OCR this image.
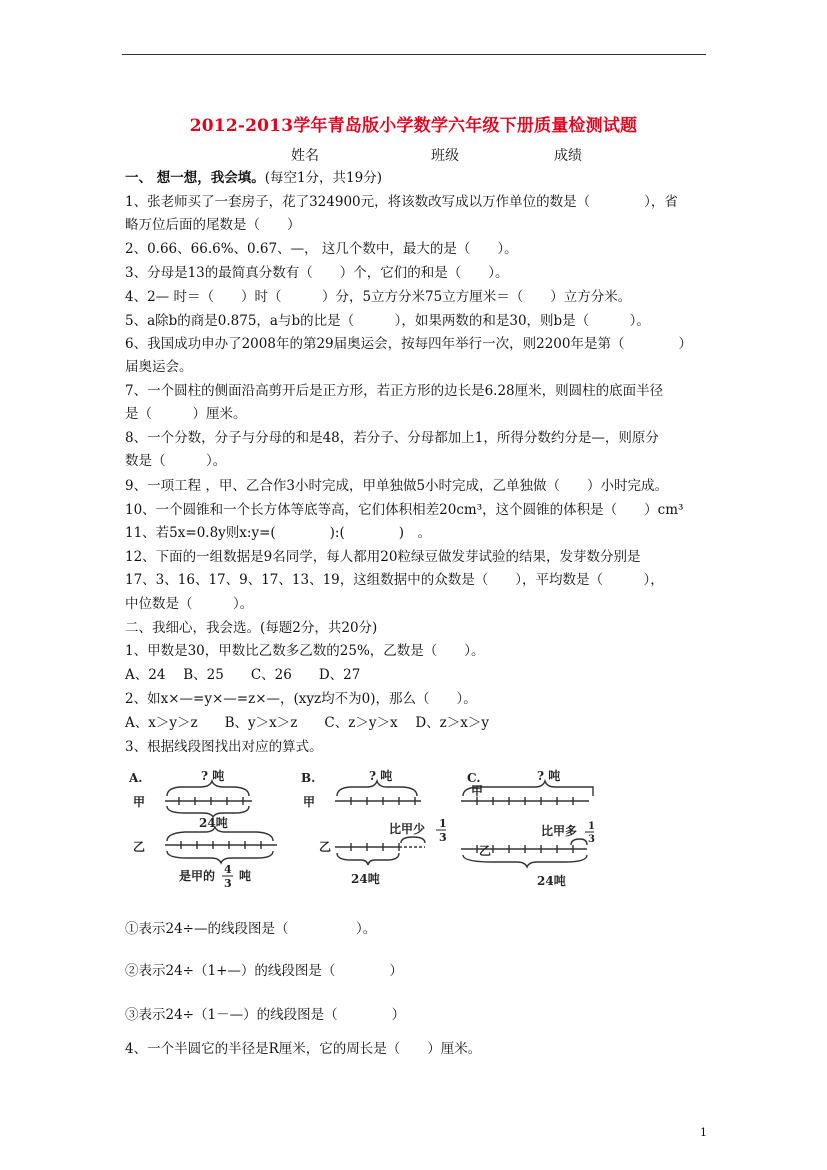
2012-2013学年青岛版小学数学六年级下册质量检测试题
姓名	班级	成绩
一、 想一想，我会填。(每空1分，共19分)
1、张老师买了一套房子，花了324900元，将该数改写成以万作单位的数是（　　　　），省
略万位后面的尾数是（　　）
2、0.66、66.6%、0.67、—， 这几个数中，最大的是（　　）。
3、分母是13的最简真分数有（　　）个，它们的和是（　　）。
4、2— 时＝（　　）时（　　　）分，5立方分米75立方厘米＝（　　）立方分米。
5、a除b的商是0.875，a与b的比是（　　　），如果两数的和是30，则b是（　　　）。
6、我国成功申办了2008年的第29届奥运会，按每四年举行一次，则2200年是第（　　　　）
届奥运会。
7、一个圆柱的侧面沿高剪开后是正方形，若正方形的边长是6.28厘米，则圆柱的底面半径
是（　　　）厘米。
8、一个分数，分子与分母的和是48，若分子、分母都加上1，所得分数约分是—，则原分
数是（　　　）。
9、一项工程 ，甲、乙合作3小时完成，甲单独做5小时完成，乙单独做（　　）小时完成。
10、一个圆锥和一个长方体等底等高，它们体积相差20cm³，这个圆锥的体积是（　　）cm³
11、若5x=0.8y则x:y=(　　　　):(　　　　)　。
12、下面的一组数据是9名同学，每人都用20粒绿豆做发芽试验的结果，发芽数分别是
17、3、16、17、9、17、13、19，这组数据中的众数是（　　），平均数是（　　　），
中位数是（　　　）。
二、我细心，我会选。(每题2分，共20分)
1、甲数是30，甲数比乙数多乙数的25%，乙数是（　　）。
A、24　 B、25　　C、26　　D、27
2、如x×—=y×—=z×—，(xyz均不为0)，那么（　　）。
A、x＞y＞z　　B、y＞x＞z　　C、z＞y＞x　 D、z＞x＞y
3、根据线段图找出对应的算式。
A.	B.	C.
? 吨
甲
24吨
乙
是甲的 4
3
吨
? 吨
甲
比甲少 1
3
乙
24吨
? 吨
甲
比甲多 1
3
乙
24吨
①表示24÷—的线段图是（　　　　　）。
②表示24÷（1+—）的线段图是（　　　　）
③表示24÷（1－—）的线段图是（　　　　）
4、一个半圆它的半径是R厘米，它的周长是（　　）厘米。
1
